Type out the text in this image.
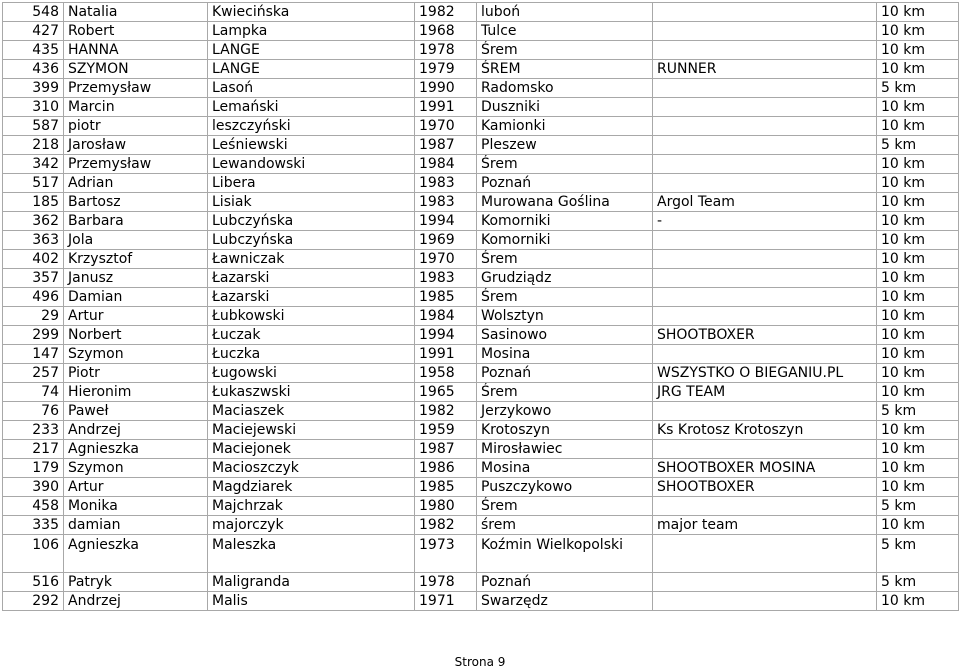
548	Natalia	Kwiecińska	1982	luboń		10 km
427	Robert	Lampka	1968	Tulce		10 km
435	HANNA	LANGE	1978	Śrem		10 km
436	SZYMON	LANGE	1979	ŚREM	RUNNER	10 km
399	Przemysław	Lasoń	1990	Radomsko		5 km
310	Marcin	Lemański	1991	Duszniki		10 km
587	piotr	leszczyński	1970	Kamionki		10 km
218	Jarosław	Leśniewski	1987	Pleszew		5 km
342	Przemysław	Lewandowski	1984	Śrem		10 km
517	Adrian	Libera	1983	Poznań		10 km
185	Bartosz	Lisiak	1983	Murowana Goślina	Argol Team	10 km
362	Barbara	Lubczyńska	1994	Komorniki	-	10 km
363	Jola	Lubczyńska	1969	Komorniki		10 km
402	Krzysztof	Ławniczak	1970	Śrem		10 km
357	Janusz	Łazarski	1983	Grudziądz		10 km
496	Damian	Łazarski	1985	Śrem		10 km
29	Artur	Łubkowski	1984	Wolsztyn		10 km
299	Norbert	Łuczak	1994	Sasinowo	SHOOTBOXER	10 km
147	Szymon	Łuczka	1991	Mosina		10 km
257	Piotr	Ługowski	1958	Poznań	WSZYSTKO O BIEGANIU.PL	10 km
74	Hieronim	Łukaszwski	1965	Śrem	JRG TEAM	10 km
76	Paweł	Maciaszek	1982	Jerzykowo		5 km
233	Andrzej	Maciejewski	1959	Krotoszyn	Ks Krotosz Krotoszyn	10 km
217	Agnieszka	Maciejonek	1987	Mirosławiec		10 km
179	Szymon	Macioszczyk	1986	Mosina	SHOOTBOXER MOSINA	10 km
390	Artur	Magdziarek	1985	Puszczykowo	SHOOTBOXER	10 km
458	Monika	Majchrzak	1980	Śrem		5 km
335	damian	majorczyk	1982	śrem	major team	10 km
106	Agnieszka	Maleszka	1973	Koźmin Wielkopolski		5 km
516	Patryk	Maligranda	1978	Poznań		5 km
292	Andrzej	Malis	1971	Swarzędz		10 km
Strona 9
